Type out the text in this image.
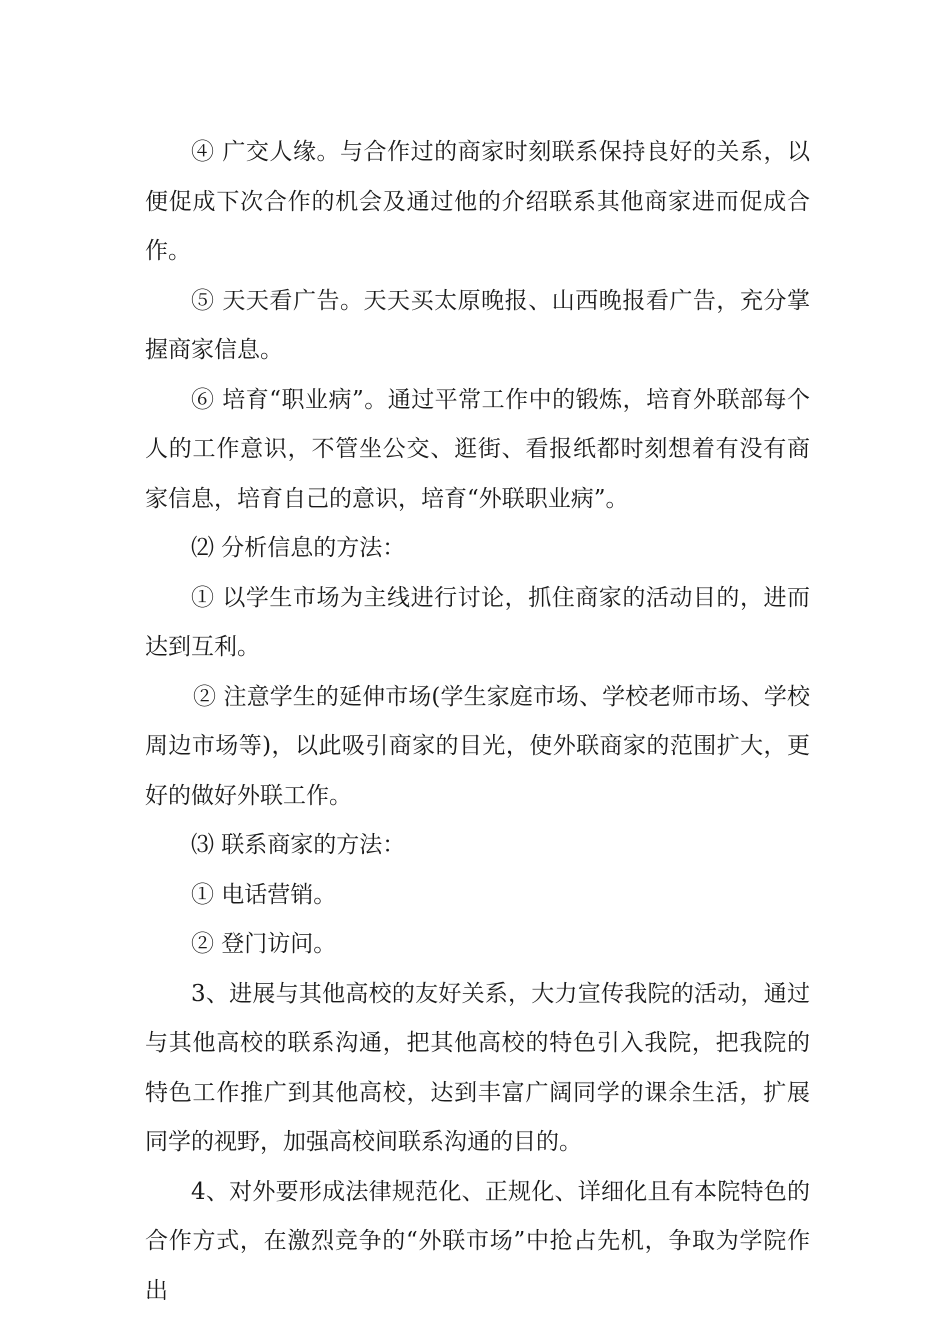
④ 广交人缘。与合作过的商家时刻联系保持良好的关系，以便促成下次合作的机会及通过他的介绍联系其他商家进而促成合作。

⑤ 天天看广告。天天买太原晚报、山西晚报看广告，充分掌握商家信息。

⑥ 培育“职业病”。通过平常工作中的锻炼，培育外联部每个人的工作意识，不管坐公交、逛街、看报纸都时刻想着有没有商家信息，培育自己的意识，培育“外联职业病”。

⑵ 分析信息的方法：

① 以学生市场为主线进行讨论，抓住商家的活动目的，进而达到互利。

② 注意学生的延伸市场(学生家庭市场、学校老师市场、学校周边市场等)，以此吸引商家的目光，使外联商家的范围扩大，更好的做好外联工作。

⑶ 联系商家的方法：

① 电话营销。

② 登门访问。

3、进展与其他高校的友好关系，大力宣传我院的活动，通过与其他高校的联系沟通，把其他高校的特色引入我院，把我院的特色工作推广到其他高校，达到丰富广阔同学的课余生活，扩展同学的视野，加强高校间联系沟通的目的。

4、对外要形成法律规范化、正规化、详细化且有本院特色的合作方式，在激烈竞争的“外联市场”中抢占先机，争取为学院作出
